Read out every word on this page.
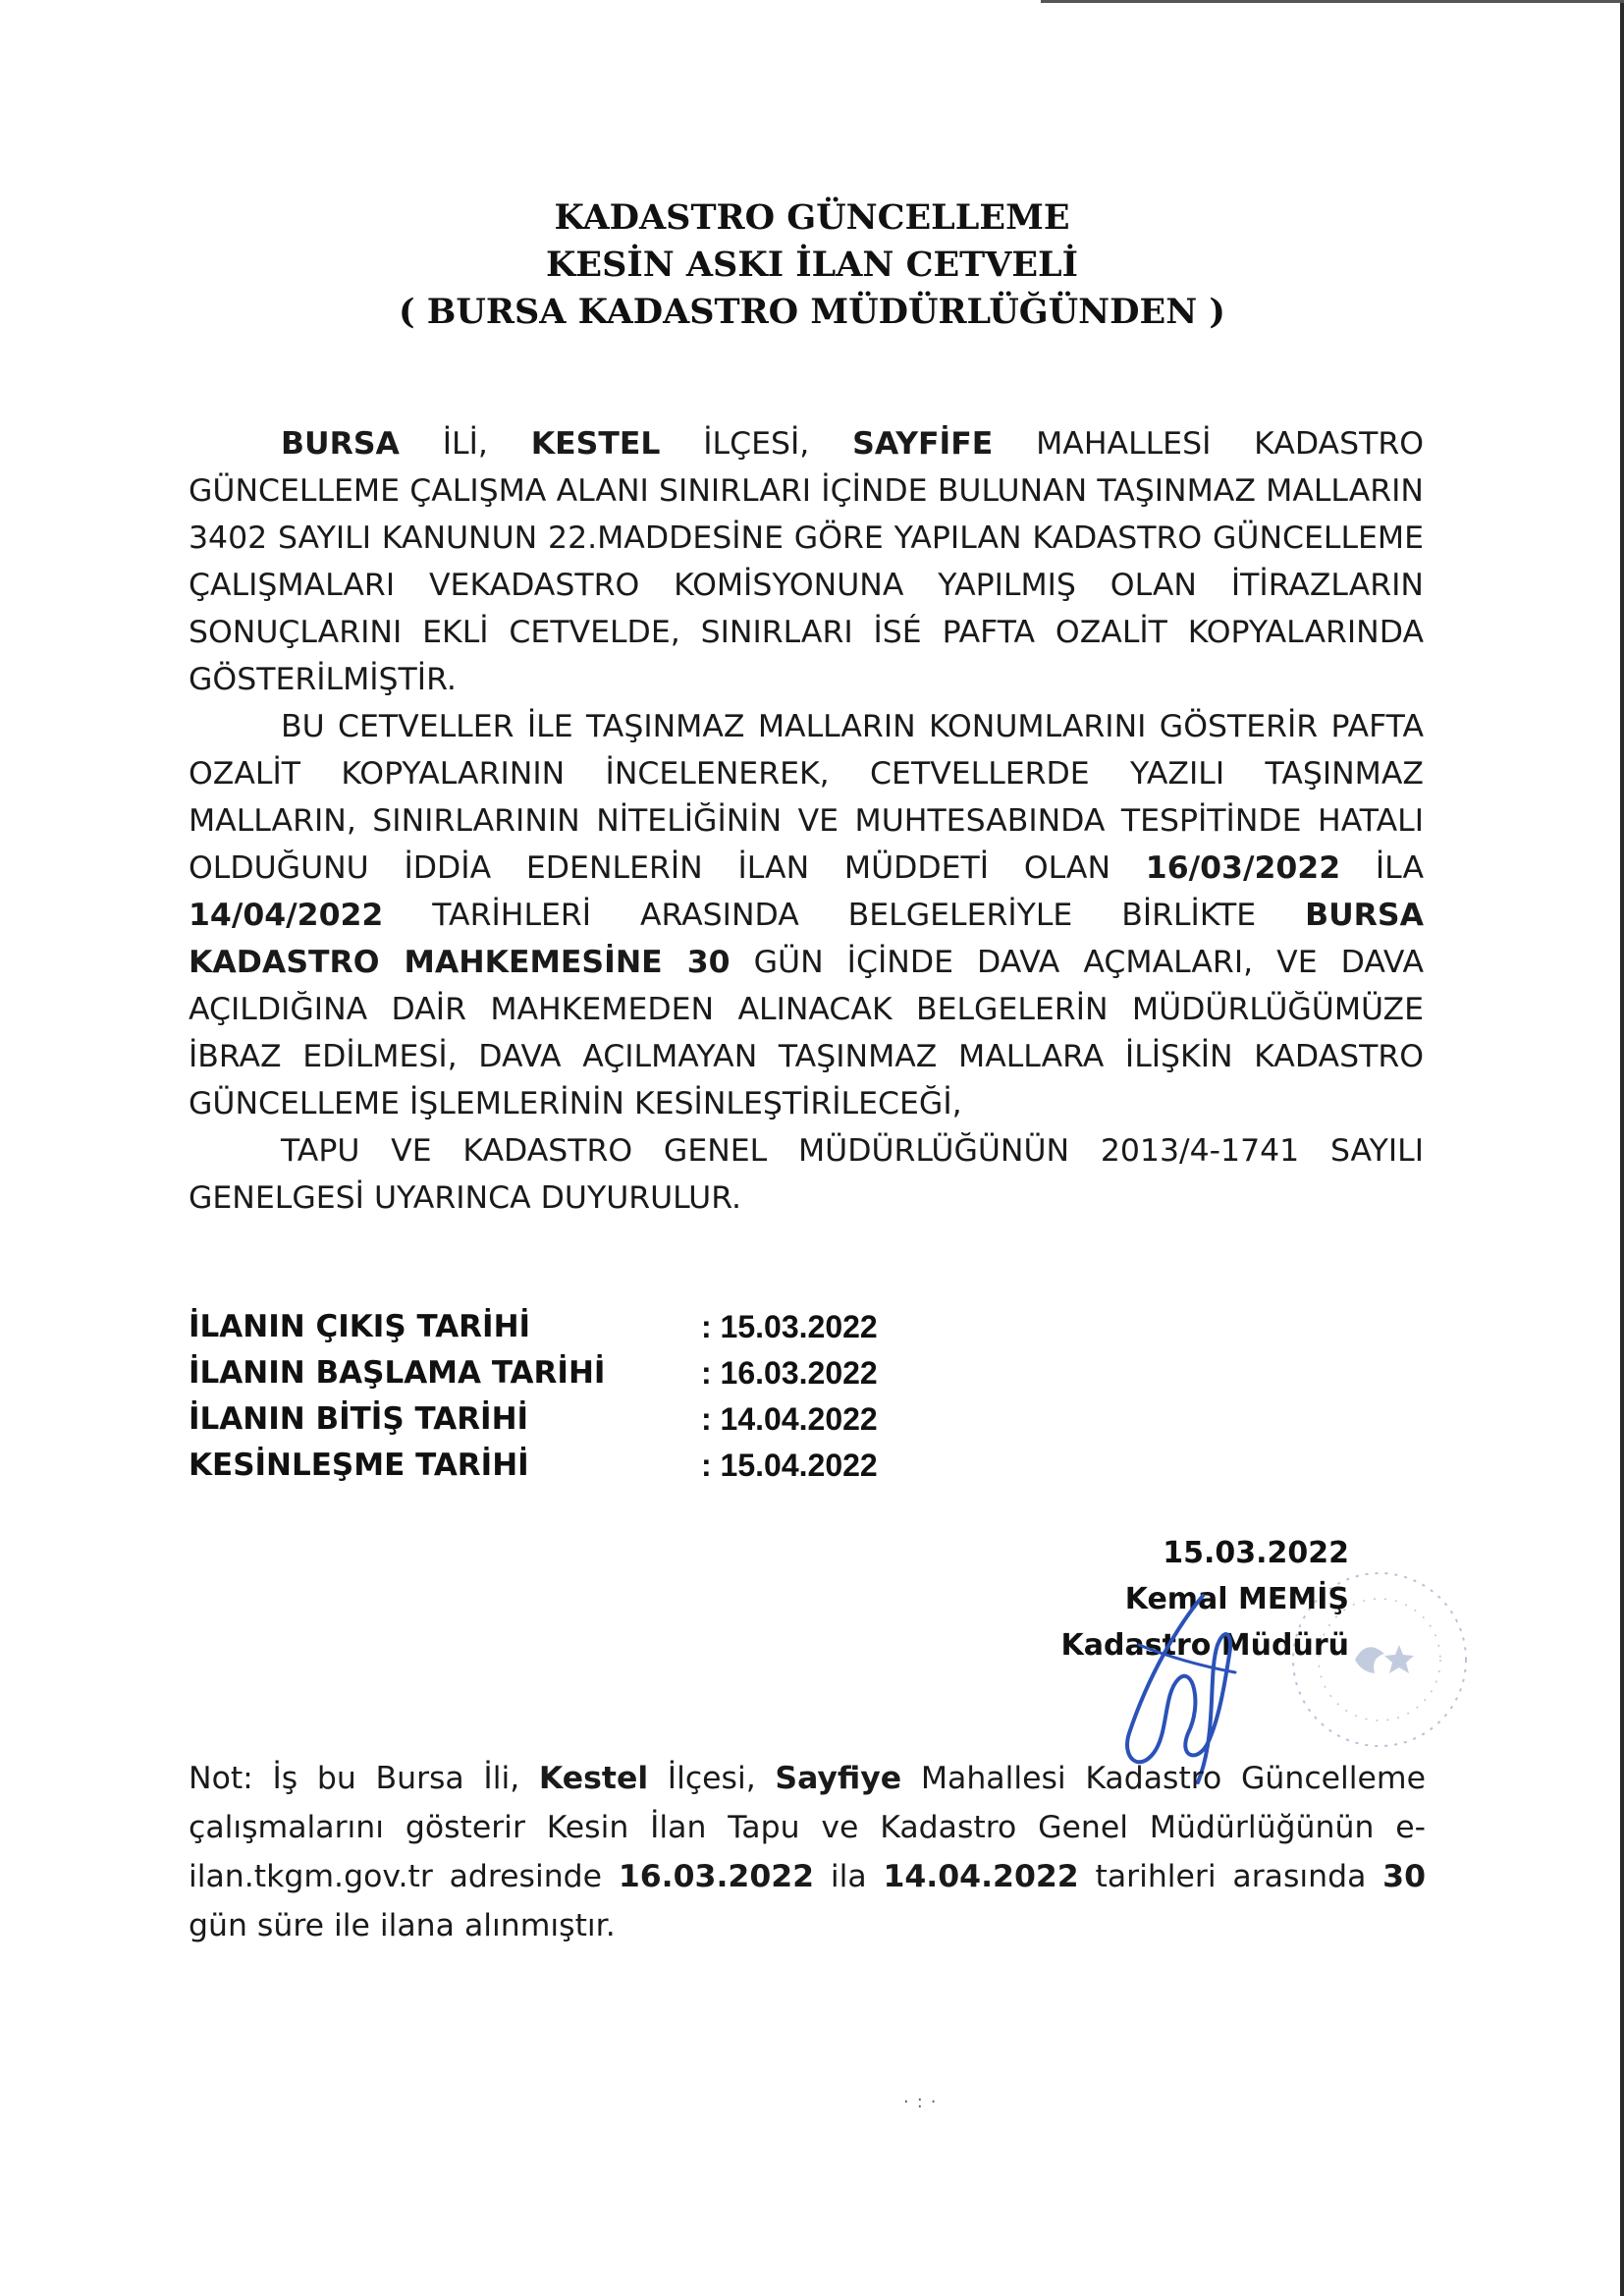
KADASTRO GÜNCELLEME
KESİN ASKI İLAN CETVELİ
( BURSA KADASTRO MÜDÜRLÜĞÜNDEN )

BURSA İLİ, KESTEL İLÇESİ, SAYFİFE MAHALLESİ KADASTRO GÜNCELLEME ÇALIŞMA ALANI SINIRLARI İÇİNDE BULUNAN TAŞINMAZ MALLARIN 3402 SAYILI KANUNUN 22.MADDESİNE GÖRE YAPILAN KADASTRO GÜNCELLEME ÇALIŞMALARI VEKADASTRO KOMİSYONUNA YAPILMIŞ OLAN İTİRAZLARIN SONUÇLARINI EKLİ CETVELDE, SINIRLARI İSÉ PAFTA OZALİT KOPYALARINDA GÖSTERİLMİŞTİR.

BU CETVELLER İLE TAŞINMAZ MALLARIN KONUMLARINI GÖSTERİR PAFTA OZALİT KOPYALARININ İNCELENEREK, CETVELLERDE YAZILI TAŞINMAZ MALLARIN, SINIRLARININ NİTELİĞİNİN VE MUHTESABINDA TESPİTİNDE HATALI OLDUĞUNU İDDİA EDENLERİN İLAN MÜDDETİ OLAN 16/03/2022 İLA 14/04/2022 TARİHLERİ ARASINDA BELGELERİYLE BİRLİKTE BURSA KADASTRO MAHKEMESİNE 30 GÜN İÇİNDE DAVA AÇMALARI, VE DAVA AÇILDIĞINA DAİR MAHKEMEDEN ALINACAK BELGELERİN MÜDÜRLÜĞÜMÜZE İBRAZ EDİLMESİ, DAVA AÇILMAYAN TAŞINMAZ MALLARA İLİŞKİN KADASTRO GÜNCELLEME İŞLEMLERİNİN KESİNLEŞTİRİLECEĞİ,

TAPU VE KADASTRO GENEL MÜDÜRLÜĞÜNÜN 2013/4-1741 SAYILI GENELGESİ UYARINCA DUYURULUR.

İLANIN ÇIKIŞ TARİHİ	: 15.03.2022
İLANIN BAŞLAMA TARİHİ	: 16.03.2022
İLANIN BİTİŞ TARİHİ	: 14.04.2022
KESİNLEŞME TARİHİ	: 15.04.2022
15.03.2022
Kemal MEMİŞ
Kadastro Müdürü
Not: İş bu Bursa İli, Kestel İlçesi, Sayfiye Mahallesi Kadastro Güncelleme çalışmalarını gösterir Kesin İlan Tapu ve Kadastro Genel Müdürlüğünün e-ilan.tkgm.gov.tr adresinde 16.03.2022 ila 14.04.2022 tarihleri arasında 30 gün süre ile ilana alınmıştır.
·:·
